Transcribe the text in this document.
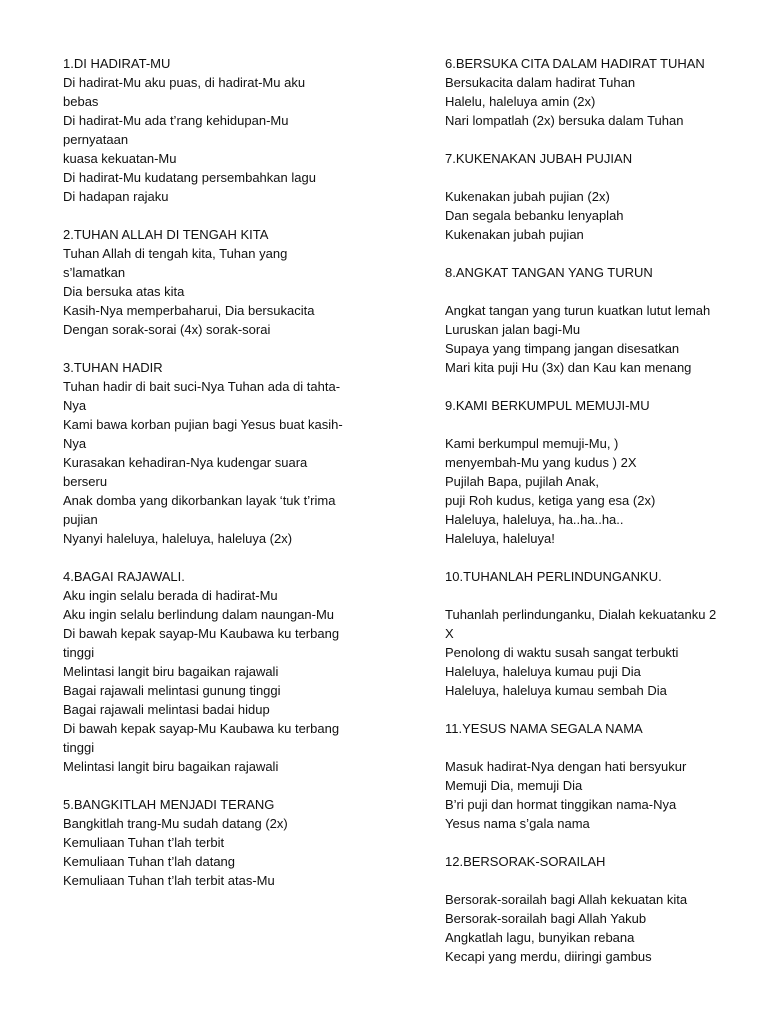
1.DI HADIRAT-MU
Di hadirat-Mu aku puas, di hadirat-Mu aku
bebas
Di hadirat-Mu ada t’rang kehidupan-Mu
pernyataan
kuasa kekuatan-Mu
Di hadirat-Mu kudatang persembahkan lagu
Di hadapan rajaku
2.TUHAN ALLAH DI TENGAH KITA
Tuhan Allah di tengah kita, Tuhan yang
s’lamatkan
Dia bersuka atas kita
Kasih-Nya memperbaharui, Dia bersukacita
Dengan sorak-sorai (4x) sorak-sorai
3.TUHAN HADIR
Tuhan hadir di bait suci-Nya Tuhan ada di tahta-
Nya
Kami bawa korban pujian bagi Yesus buat kasih-
Nya
Kurasakan kehadiran-Nya kudengar suara
berseru
Anak domba yang dikorbankan layak ‘tuk t’rima
pujian
Nyanyi haleluya, haleluya, haleluya (2x)
4.BAGAI RAJAWALI.
Aku ingin selalu berada di hadirat-Mu
Aku ingin selalu berlindung dalam naungan-Mu
Di bawah kepak sayap-Mu Kaubawa ku terbang
tinggi
Melintasi langit biru bagaikan rajawali
Bagai rajawali melintasi gunung tinggi
Bagai rajawali melintasi badai hidup
Di bawah kepak sayap-Mu Kaubawa ku terbang
tinggi
Melintasi langit biru bagaikan rajawali
5.BANGKITLAH MENJADI TERANG
Bangkitlah trang-Mu sudah datang (2x)
Kemuliaan Tuhan t’lah terbit
Kemuliaan Tuhan t’lah datang
Kemuliaan Tuhan t’lah terbit atas-Mu
6.BERSUKA CITA DALAM HADIRAT TUHAN
Bersukacita dalam hadirat Tuhan
Halelu, haleluya amin (2x)
Nari lompatlah (2x) bersuka dalam Tuhan
7.KUKENAKAN JUBAH PUJIAN
Kukenakan jubah pujian (2x)
Dan segala bebanku lenyaplah
Kukenakan jubah pujian
8.ANGKAT TANGAN YANG TURUN
Angkat tangan yang turun kuatkan lutut lemah
Luruskan jalan bagi-Mu
Supaya yang timpang jangan disesatkan
Mari kita puji Hu (3x) dan Kau kan menang
9.KAMI BERKUMPUL MEMUJI-MU
Kami berkumpul memuji-Mu, )
menyembah-Mu yang kudus ) 2X
Pujilah Bapa, pujilah Anak,
puji Roh kudus, ketiga yang esa (2x)
Haleluya, haleluya, ha..ha..ha..
Haleluya, haleluya!
10.TUHANLAH PERLINDUNGANKU.
Tuhanlah perlindunganku, Dialah kekuatanku 2
X
Penolong di waktu susah sangat terbukti
Haleluya, haleluya kumau puji Dia
Haleluya, haleluya kumau sembah Dia
11.YESUS NAMA SEGALA NAMA
Masuk hadirat-Nya dengan hati bersyukur
Memuji Dia, memuji Dia
B’ri puji dan hormat tinggikan nama-Nya
Yesus nama s’gala nama
12.BERSORAK-SORAILAH
Bersorak-sorailah bagi Allah kekuatan kita
Bersorak-sorailah bagi Allah Yakub
Angkatlah lagu, bunyikan rebana
Kecapi yang merdu, diiringi gambus
